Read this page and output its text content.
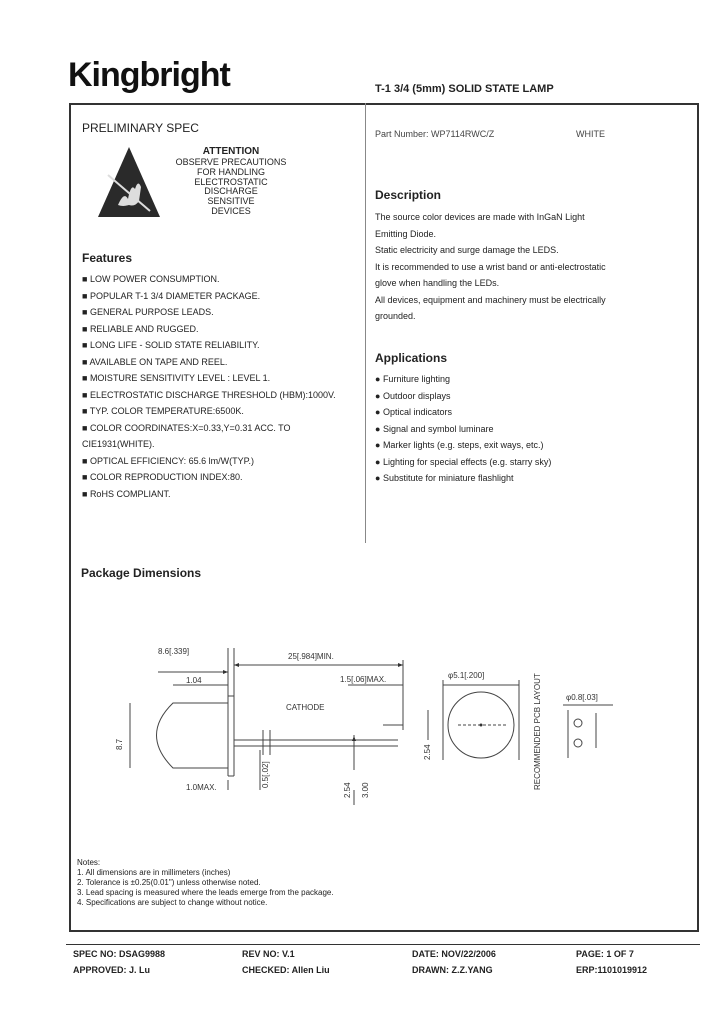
Kingbright	T-1 3/4 (5mm) SOLID STATE LAMP
PRELIMINARY SPEC
ATTENTION
OBSERVE PRECAUTIONS
FOR HANDLING
ELECTROSTATIC
DISCHARGE
SENSITIVE
DEVICES
Features
■ LOW POWER CONSUMPTION.
■ POPULAR T-1 3/4 DIAMETER PACKAGE.
■ GENERAL PURPOSE LEADS.
■ RELIABLE AND RUGGED.
■ LONG LIFE - SOLID STATE RELIABILITY.
■ AVAILABLE ON TAPE AND REEL.
■ MOISTURE SENSITIVITY LEVEL : LEVEL 1.
■ ELECTROSTATIC DISCHARGE THRESHOLD (HBM):1000V.
■ TYP. COLOR TEMPERATURE:6500K.
■ COLOR COORDINATES:X=0.33,Y=0.31 ACC. TO
CIE1931(WHITE).
■ OPTICAL EFFICIENCY: 65.6 lm/W(TYP.)
■ COLOR REPRODUCTION INDEX:80.
■ RoHS COMPLIANT.
Part Number: WP7114RWC/Z	WHITE
Description
The source color devices are made with InGaN Light
Emitting Diode.
Static electricity and surge damage the LEDS.
It is recommended to use a wrist band or anti-electrostatic
glove when handling the LEDs.
All devices, equipment and machinery must be electrically
grounded.
Applications
● Furniture lighting
● Outdoor displays
● Optical indicators
● Signal and symbol luminare
● Marker lights (e.g. steps, exit ways, etc.)
● Lighting for special effects (e.g. starry sky)
● Substitute for miniature flashlight
Package Dimensions
8.6[.339]
1.04
8.7
25[.984]MIN.
1.5[.06]MAX.
CATHODE
1.0MAX.	0.5[.02]
2.54 3.00
φ5.1[.200]
2.54	RECOMMENDED PCB LAYOUT	φ0.8[.03]
Notes:
1. All dimensions are in millimeters (inches)
2. Tolerance is ±0.25(0.01") unless otherwise noted.
3. Lead spacing is measured where the leads emerge from the package.
4. Specifications are subject to change without notice.
SPEC NO: DSAG9988	REV NO: V.1	DATE: NOV/22/2006	PAGE: 1 OF 7
APPROVED: J. Lu	CHECKED: Allen Liu	DRAWN: Z.Z.YANG	ERP:1101019912
